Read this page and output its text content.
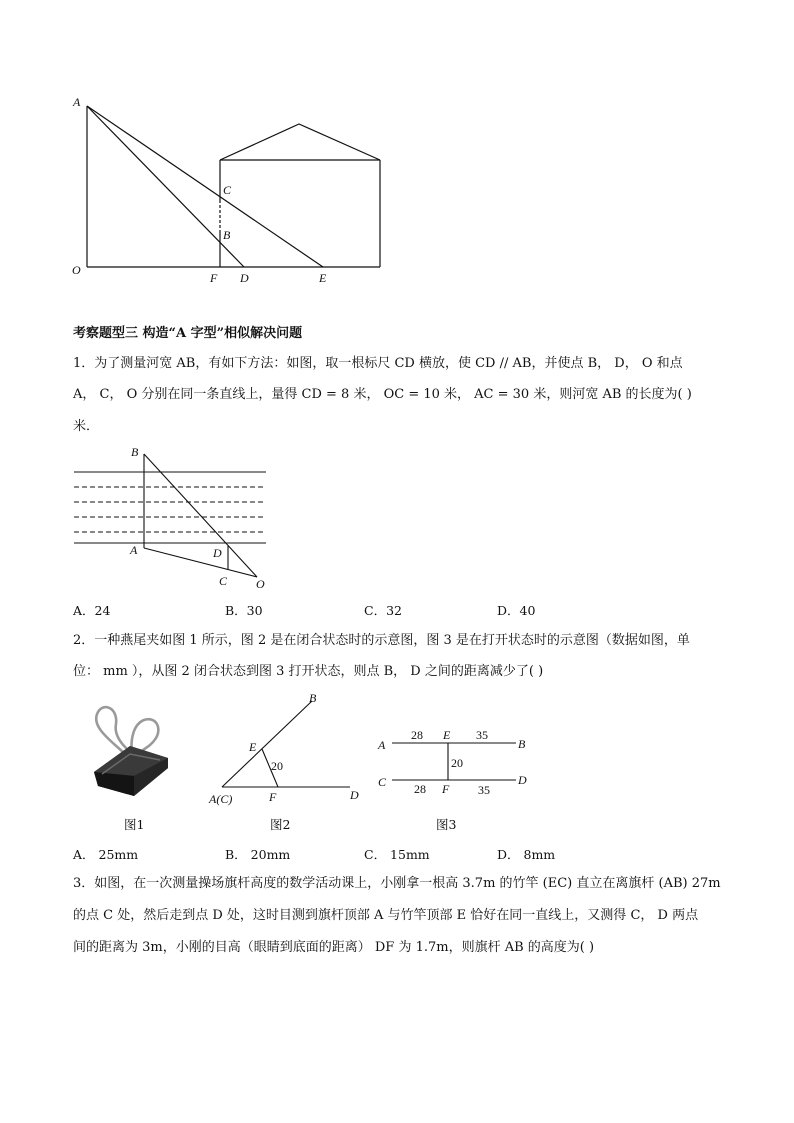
A
O
C
B
F D	E
考察题型三 构造“A 字型”相似解决问题
1．为了测量河宽 AB，有如下方法：如图，取一根标尺 CD 横放，使 CD // AB，并使点 B， D， O 和点
A， C， O 分别在同一条直线上，量得 CD = 8 米， OC = 10 米， AC = 30 米，则河宽 AB 的长度为( )
米．
B
A	D
C O
A．24	B．30	C．32	D．40
2．一种燕尾夹如图 1 所示，图 2 是在闭合状态时的示意图，图 3 是在打开状态时的示意图（数据如图，单
位： mm ），从图 2 闭合状态到图 3 打开状态，则点 B， D 之间的距离减少了( )
图1
B
E
20
A(C)	F	D
图2
A
28 E 35
B
20
C	D
28 F 35
图3
A． 25mm	B． 20mm	C． 15mm	D． 8mm
3．如图，在一次测量操场旗杆高度的数学活动课上，小刚拿一根高 3.7m 的竹竿 (EC) 直立在离旗杆 (AB) 27m
的点 C 处，然后走到点 D 处，这时目测到旗杆顶部 A 与竹竿顶部 E 恰好在同一直线上，又测得 C， D 两点
间的距离为 3m，小刚的目高（眼睛到底面的距离） DF 为 1.7m，则旗杆 AB 的高度为( )
